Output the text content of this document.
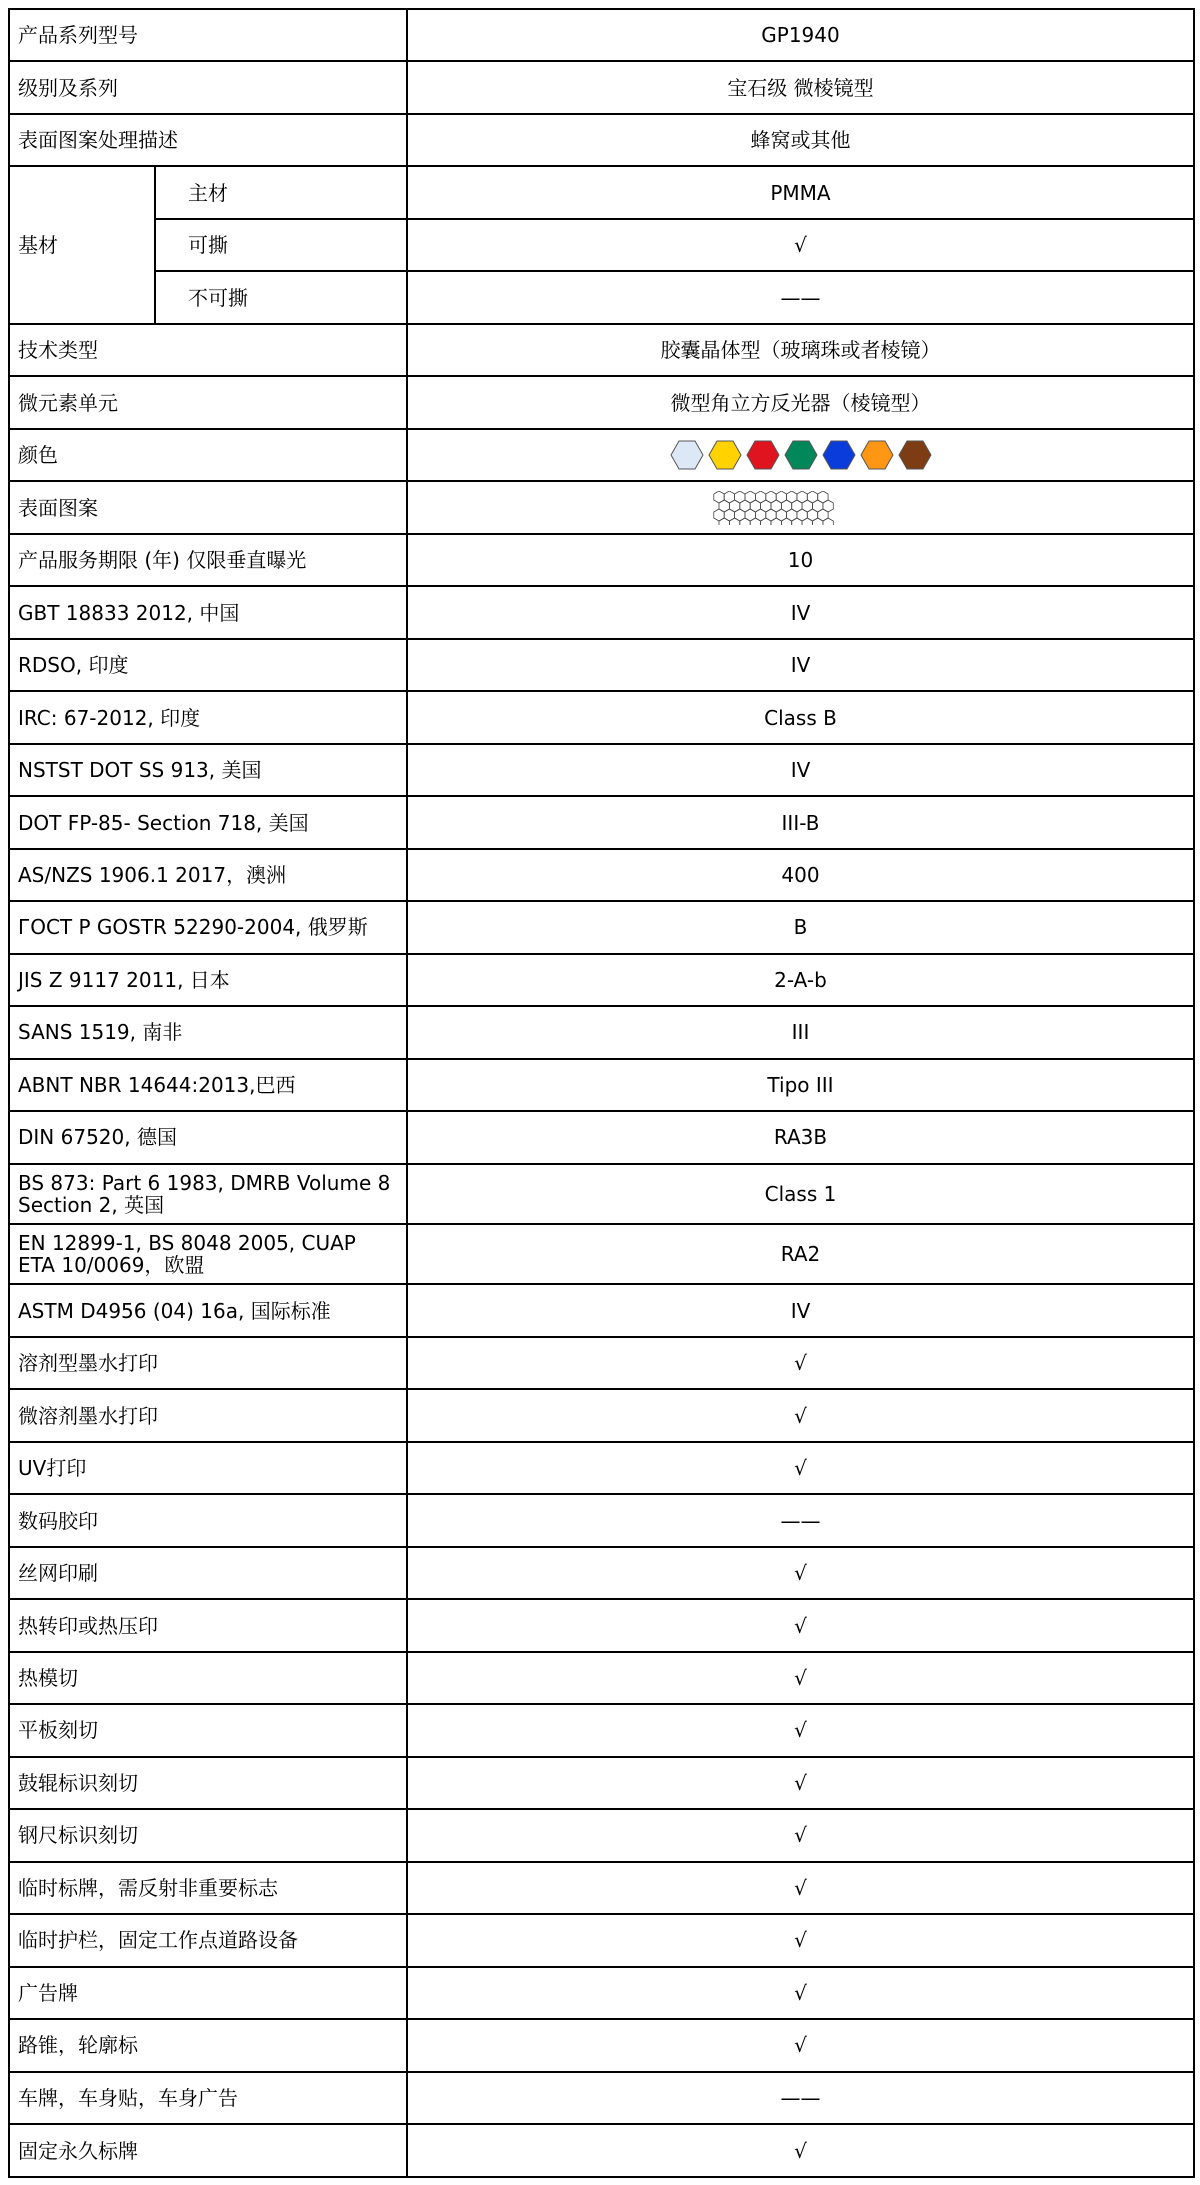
产品系列型号		GP1940
级别及系列		宝石级 微棱镜型
表面图案处理描述		蜂窝或其他
基材	主材	PMMA
	可撕	√
	不可撕	——
技术类型		胶囊晶体型（玻璃珠或者棱镜）
微元素单元		微型角立方反光器（棱镜型）
颜色	

表面图案	
产品服务期限 (年) 仅限垂直曝光		10
GBT 18833 2012, 中国		IV
RDSO, 印度		IV
IRC: 67-2012, 印度		Class B
NSTST DOT SS 913, 美国		IV
DOT FP-85- Section 718, 美国		III-B
AS/NZS 1906.1 2017，澳洲		400
ГОСТ Р GOSTR 52290-2004, 俄罗斯		B
JIS Z 9117 2011, 日本		2-A-b
SANS 1519, 南非		III
ABNT NBR 14644:2013,巴西		Tipo III
DIN 67520, 德国		RA3B
BS 873: Part 6 1983, DMRB Volume 8 Section 2, 英国		Class 1
EN 12899-1, BS 8048 2005, CUAP ETA 10/0069，欧盟		RA2
ASTM D4956 (04) 16a, 国际标准		IV
溶剂型墨水打印		√
微溶剂墨水打印		√
UV打印		√
数码胶印		——
丝网印刷		√
热转印或热压印		√
热模切		√
平板刻切		√
鼓辊标识刻切		√
钢尺标识刻切		√
临时标牌，需反射非重要标志		√
临时护栏，固定工作点道路设备		√
广告牌		√
路锥，轮廓标		√
车牌，车身贴，车身广告		——
固定永久标牌		√
